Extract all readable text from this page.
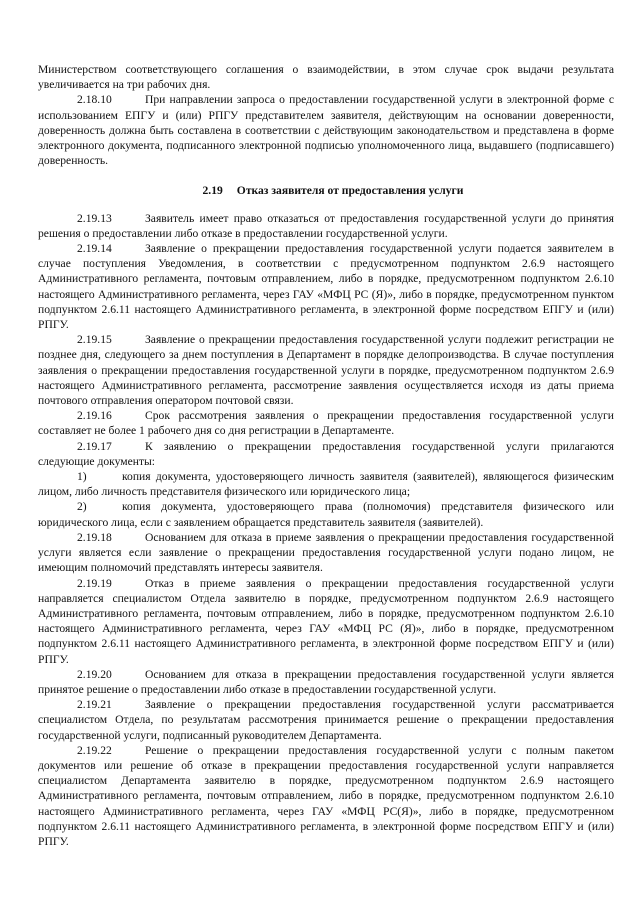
Министерством соответствующего соглашения о взаимодействии, в этом случае срок выдачи результата увеличивается на три рабочих дня.

2.18.10	При направлении запроса о предоставлении государственной услуги в электронной форме с использованием ЕПГУ и (или) РПГУ представителем заявителя, действующим на основании доверенности, доверенность должна быть составлена в соответствии с действующим законодательством и представлена в форме электронного документа, подписанного электронной подписью уполномоченного лица, выдавшего (подписавшего) доверенность.

2.19 Отказ заявителя от предоставления услуги

2.19.13	Заявитель имеет право отказаться от предоставления государственной услуги до принятия решения о предоставлении либо отказе в предоставлении государственной услуги.

2.19.14	Заявление о прекращении предоставления государственной услуги подается заявителем в случае поступления Уведомления, в соответствии с предусмотренном подпунктом 2.6.9 настоящего Административного регламента, почтовым отправлением, либо в порядке, предусмотренном подпунктом 2.6.10 настоящего Административного регламента, через ГАУ «МФЦ РС (Я)», либо в порядке, предусмотренном пунктом подпунктом 2.6.11 настоящего Административного регламента, в электронной форме посредством ЕПГУ и (или) РПГУ.

2.19.15	Заявление о прекращении предоставления государственной услуги подлежит регистрации не позднее дня, следующего за днем поступления в Департамент в порядке делопроизводства. В случае поступления заявления о прекращении предоставления государственной услуги в порядке, предусмотренном подпунктом 2.6.9 настоящего Административного регламента, рассмотрение заявления осуществляется исходя из даты приема почтового отправления оператором почтовой связи.

2.19.16	Срок рассмотрения заявления о прекращении предоставления государственной услуги составляет не более 1 рабочего дня со дня регистрации в Департаменте.

2.19.17	К заявлению о прекращении предоставления государственной услуги прилагаются следующие документы:

1)	копия документа, удостоверяющего личность заявителя (заявителей), являющегося физическим лицом, либо личность представителя физического или юридического лица;

2)	копия документа, удостоверяющего права (полномочия) представителя физического или юридического лица, если с заявлением обращается представитель заявителя (заявителей).

2.19.18	Основанием для отказа в приеме заявления о прекращении предоставления государственной услуги является если заявление о прекращении предоставления государственной услуги подано лицом, не имеющим полномочий представлять интересы заявителя.

2.19.19	Отказ в приеме заявления о прекращении предоставления государственной услуги направляется специалистом Отдела заявителю в порядке, предусмотренном подпунктом 2.6.9 настоящего Административного регламента, почтовым отправлением, либо в порядке, предусмотренном подпунктом 2.6.10 настоящего Административного регламента, через ГАУ «МФЦ РС (Я)», либо в порядке, предусмотренном подпунктом 2.6.11 настоящего Административного регламента, в электронной форме посредством ЕПГУ и (или) РПГУ.

2.19.20	Основанием для отказа в прекращении предоставления государственной услуги является принятое решение о предоставлении либо отказе в предоставлении государственной услуги.

2.19.21	Заявление о прекращении предоставления государственной услуги рассматривается специалистом Отдела, по результатам рассмотрения принимается решение о прекращении предоставления государственной услуги, подписанный руководителем Департамента.

2.19.22	Решение о прекращении предоставления государственной услуги с полным пакетом документов или решение об отказе в прекращении предоставления государственной услуги направляется специалистом Департамента заявителю в порядке, предусмотренном подпунктом 2.6.9 настоящего Административного регламента, почтовым отправлением, либо в порядке, предусмотренном подпунктом 2.6.10 настоящего Административного регламента, через ГАУ «МФЦ РС(Я)», либо в порядке, предусмотренном подпунктом 2.6.11 настоящего Административного регламента, в электронной форме посредством ЕПГУ и (или) РПГУ.
